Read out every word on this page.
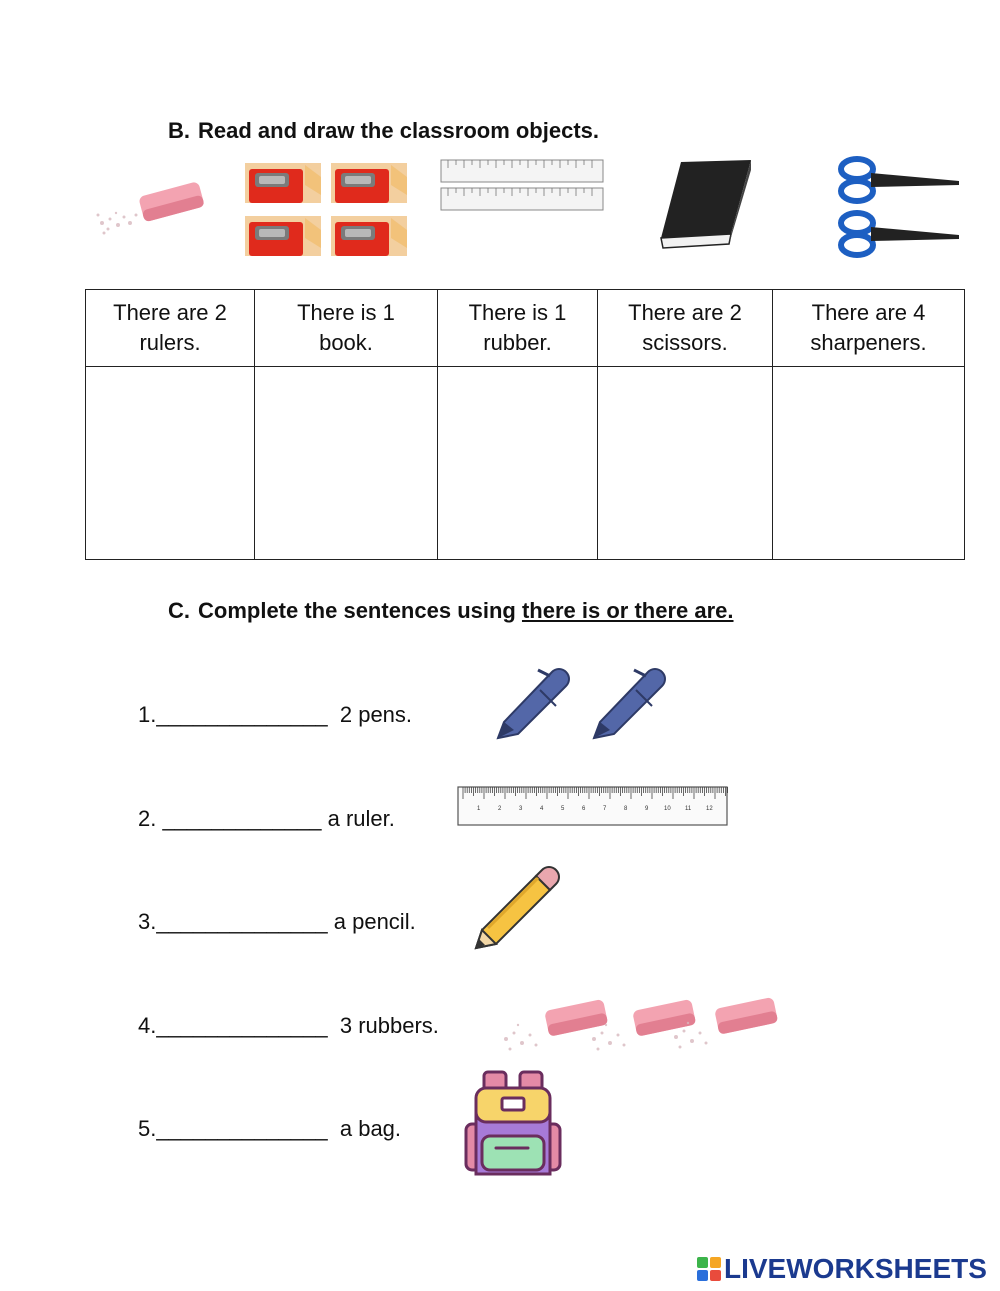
B. Read and draw the classroom objects.
There are 2
rulers.	There is 1
book.	There is 1
rubber.	There are 2
scissors.	There are 4
sharpeners.

C. Complete the sentences using there is or there are.
1.______________  2 pens.
2. _____________ a ruler.
3.______________ a pencil.
4.______________  3 rubbers.
5.______________  a bag.
1	2	3	4	5	6	7	8	9	10 11 12
LIVEWORKSHEETS
